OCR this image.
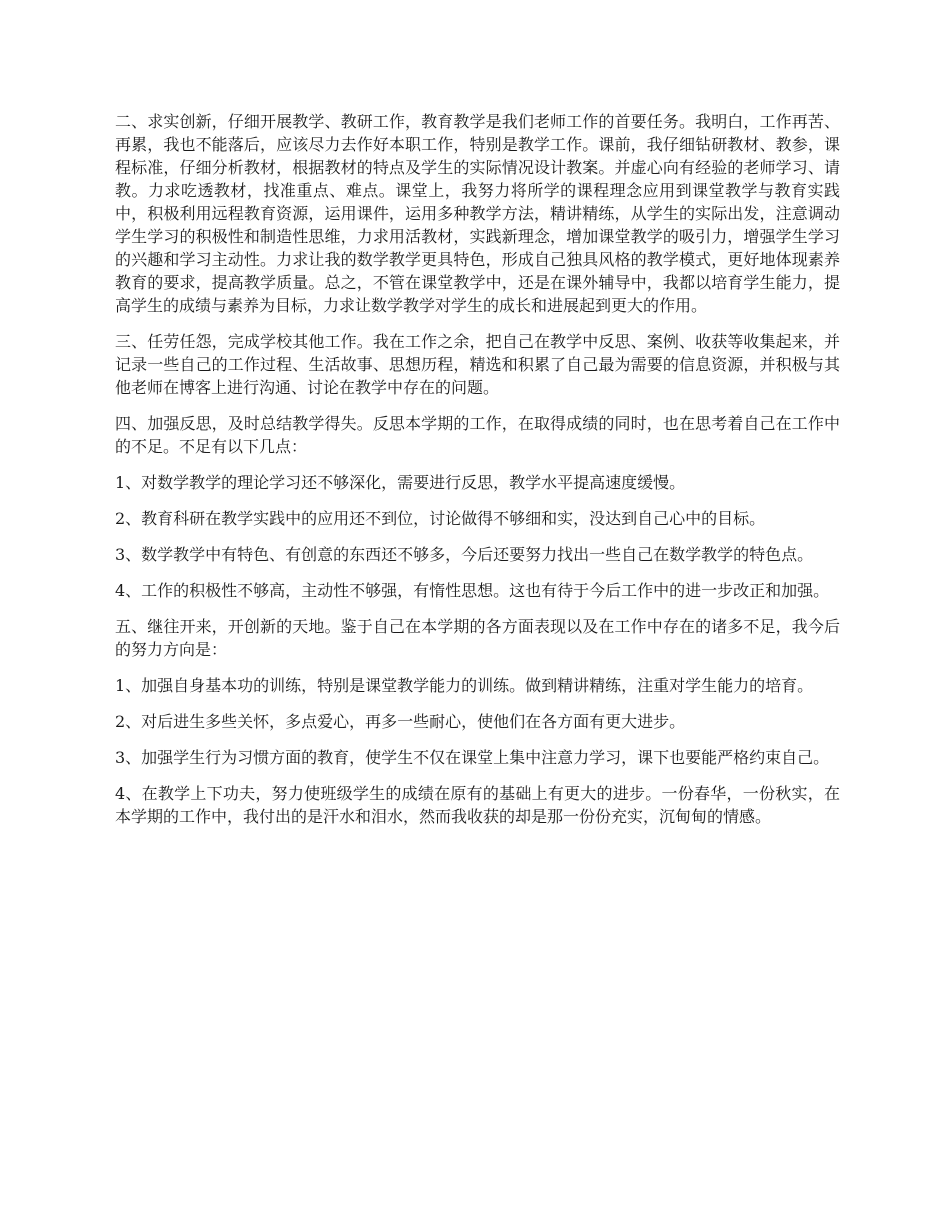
二、求实创新，仔细开展教学、教研工作，教育教学是我们老师工作的首要任务。我明白，工作再苦、再累，我也不能落后，应该尽力去作好本职工作，特别是教学工作。课前，我仔细钻研教材、教参，课程标准，仔细分析教材，根据教材的特点及学生的实际情况设计教案。并虚心向有经验的老师学习、请教。力求吃透教材，找准重点、难点。课堂上，我努力将所学的课程理念应用到课堂教学与教育实践中，积极利用远程教育资源，运用课件，运用多种教学方法，精讲精练，从学生的实际出发，注意调动学生学习的积极性和制造性思维，力求用活教材，实践新理念，增加课堂教学的吸引力，增强学生学习的兴趣和学习主动性。力求让我的数学教学更具特色，形成自己独具风格的教学模式，更好地体现素养教育的要求，提高教学质量。总之，不管在课堂教学中，还是在课外辅导中，我都以培育学生能力，提高学生的成绩与素养为目标，力求让数学教学对学生的成长和进展起到更大的作用。

三、任劳任怨，完成学校其他工作。我在工作之余，把自己在教学中反思、案例、收获等收集起来，并记录一些自己的工作过程、生活故事、思想历程，精选和积累了自己最为需要的信息资源，并积极与其他老师在博客上进行沟通、讨论在教学中存在的问题。

四、加强反思，及时总结教学得失。反思本学期的工作，在取得成绩的同时，也在思考着自己在工作中的不足。不足有以下几点：

1、对数学教学的理论学习还不够深化，需要进行反思，教学水平提高速度缓慢。

2、教育科研在教学实践中的应用还不到位，讨论做得不够细和实，没达到自己心中的目标。

3、数学教学中有特色、有创意的东西还不够多，今后还要努力找出一些自己在数学教学的特色点。

4、工作的积极性不够高，主动性不够强，有惰性思想。这也有待于今后工作中的进一步改正和加强。

五、继往开来，开创新的天地。鉴于自己在本学期的各方面表现以及在工作中存在的诸多不足，我今后的努力方向是：

1、加强自身基本功的训练，特别是课堂教学能力的训练。做到精讲精练，注重对学生能力的培育。

2、对后进生多些关怀，多点爱心，再多一些耐心，使他们在各方面有更大进步。

3、加强学生行为习惯方面的教育，使学生不仅在课堂上集中注意力学习，课下也要能严格约束自己。

4、在教学上下功夫，努力使班级学生的成绩在原有的基础上有更大的进步。一份春华，一份秋实，在本学期的工作中，我付出的是汗水和泪水，然而我收获的却是那一份份充实，沉甸甸的情感。
